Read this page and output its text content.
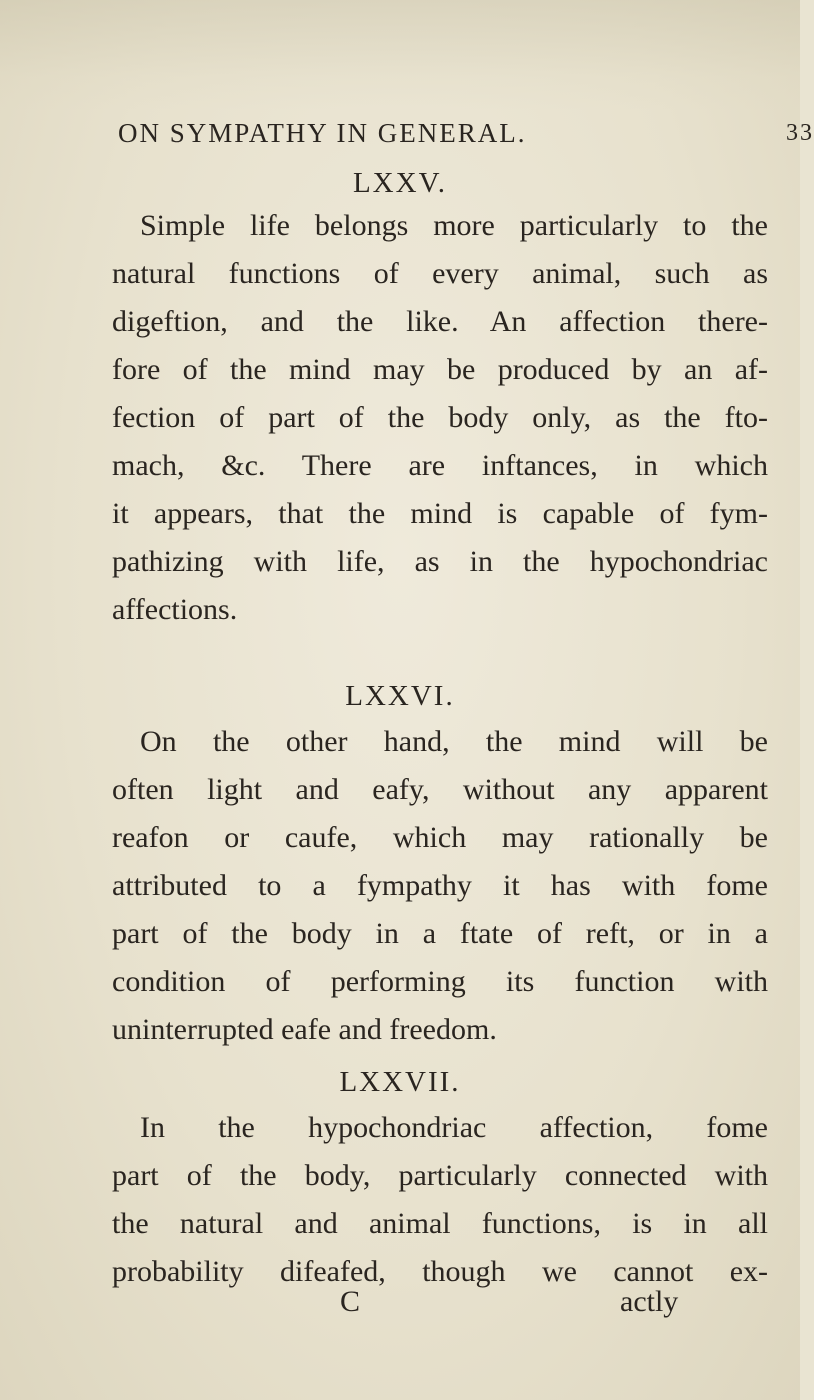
ON SYMPATHY IN GENERAL.	33
LXXV.
Simple life belongs more particularly to the
natural functions of every animal, such as
digeftion, and the like. An affection there-
fore of the mind may be produced by an af-
fection of part of the body only, as the fto-
mach, &c. There are inftances, in which
it appears, that the mind is capable of fym-
pathizing with life, as in the hypochondriac
affections.
LXXVI.
On the other hand, the mind will be
often light and eafy, without any apparent
reafon or caufe, which may rationally be
attributed to a fympathy it has with fome
part of the body in a ftate of reft, or in a
condition of performing its function with
uninterrupted eafe and freedom.
LXXVII.
In the hypochondriac affection, fome
part of the body, particularly connected with
the natural and animal functions, is in all
probability difeafed, though we cannot ex-
C	actly
